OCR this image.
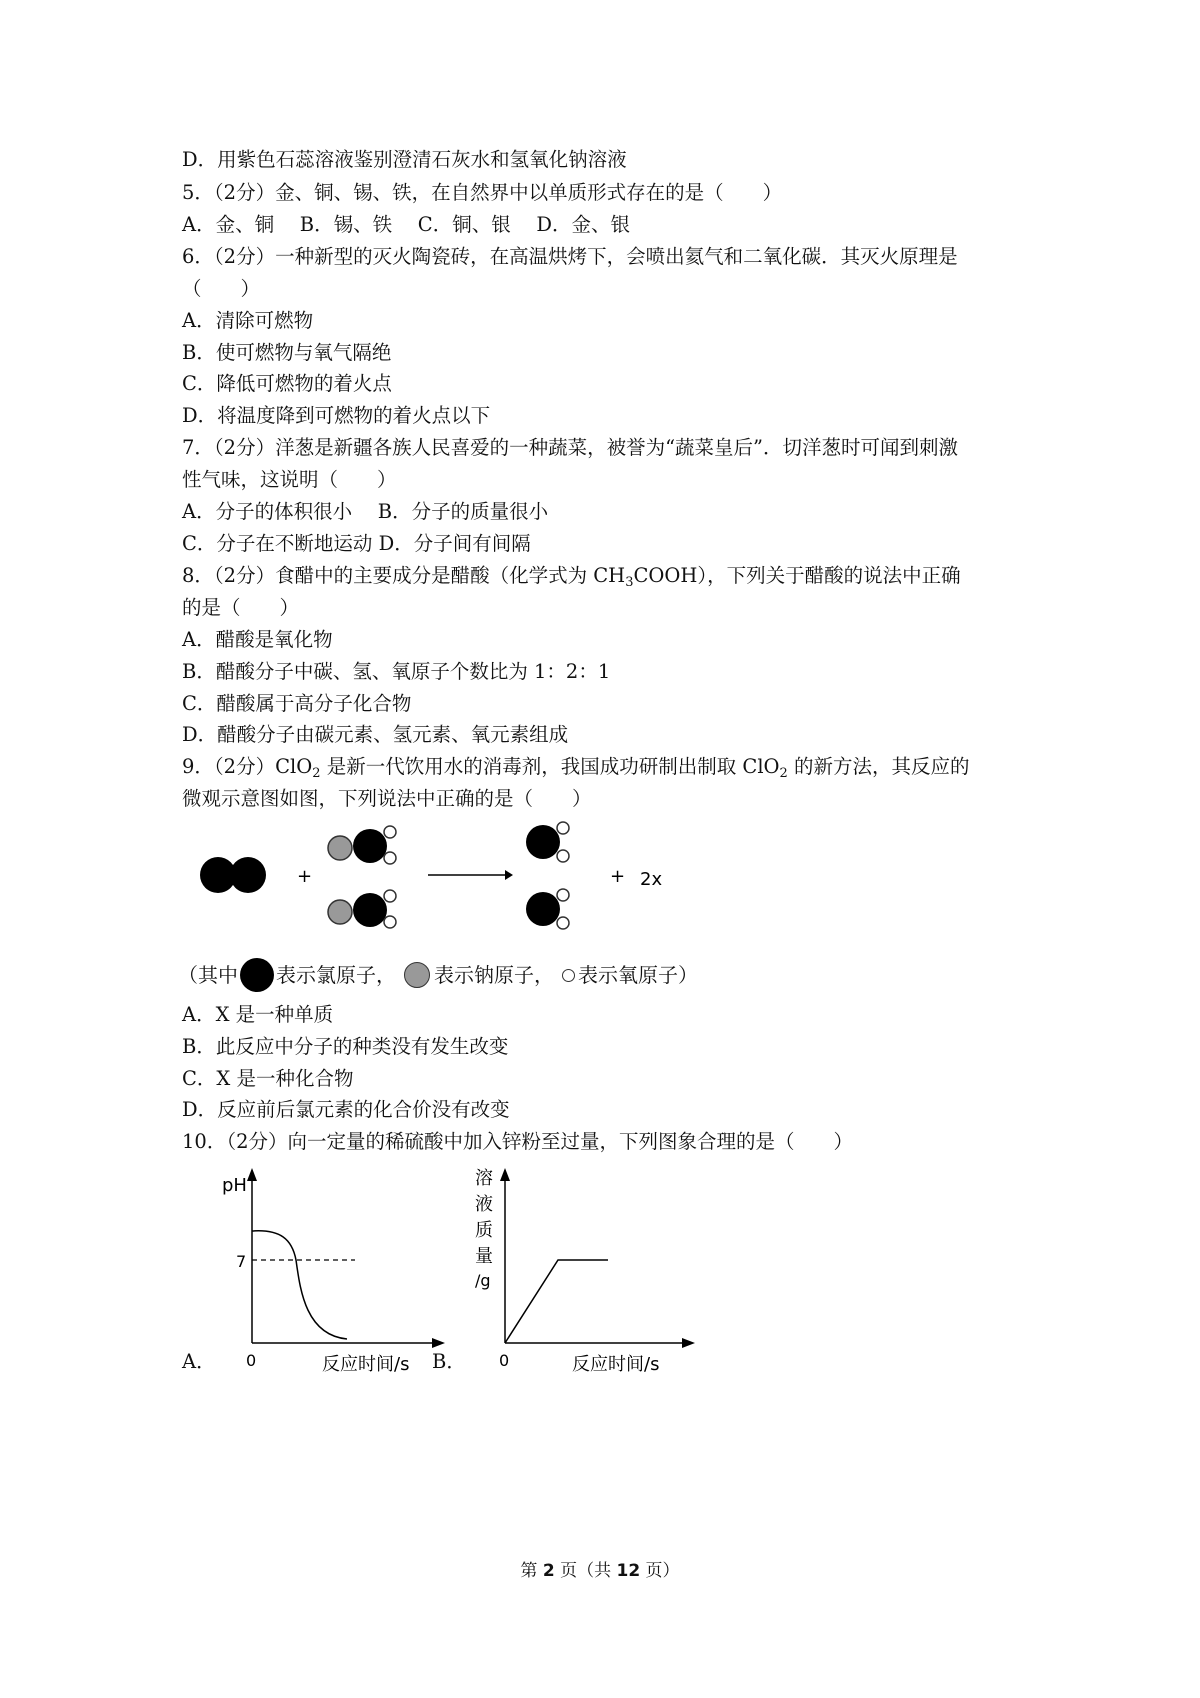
D．用紫色石蕊溶液鉴别澄清石灰水和氢氧化钠溶液
5．（2分）金、铜、锡、铁，在自然界中以单质形式存在的是（　　）
A．金、铜　 B．锡、铁　 C．铜、银　 D．金、银
6．（2分）一种新型的灭火陶瓷砖，在高温烘烤下，会喷出氦气和二氧化碳．其灭火原理是
（　　）
A．清除可燃物
B．使可燃物与氧气隔绝
C．降低可燃物的着火点
D．将温度降到可燃物的着火点以下
7．（2分）洋葱是新疆各族人民喜爱的一种蔬菜，被誉为“蔬菜皇后”．切洋葱时可闻到刺激
性气味，这说明（　　）
A．分子的体积很小　 B．分子的质量很小
C．分子在不断地运动 D．分子间有间隔
8．（2分）食醋中的主要成分是醋酸（化学式为 $CH_3COOH$），下列关于醋酸的说法中正确
的是（　　）
A．醋酸是氧化物
B．醋酸分子中碳、氢、氧原子个数比为 1：2：1
C．醋酸属于高分子化合物
D．醋酸分子由碳元素、氢元素、氧元素组成
9．（2分）ClO$_2$ 是新一代饮用水的消毒剂，我国成功研制出制取 ClO$_2$ 的新方法，其反应的
微观示意图如图，下列说法中正确的是（　　）
+	+ 2x
（其中 表示氯原子， 表示钠原子， 表示氧原子）
A．X 是一种单质
B．此反应中分子的种类没有发生改变
C．X 是一种化合物
D．反应前后氯元素的化合价没有改变
10．（2分）向一定量的稀硫酸中加入锌粉至过量，下列图象合理的是（　　）
A．
pH
7
0	反应时间/s B．
溶
液
质
量
/g
0	反应时间/s
第 2 页（共 12 页）
